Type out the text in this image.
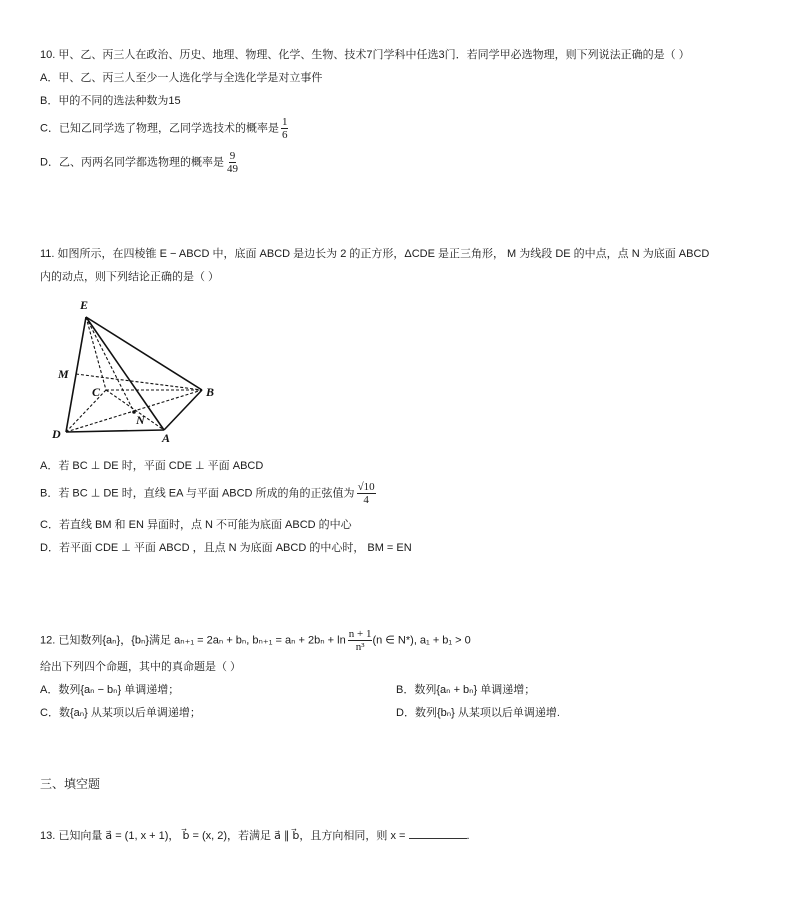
10. 甲、乙、丙三人在政治、历史、地理、物理、化学、生物、技术7门学科中任选3门．若同学甲必选物理，则下列说法正确的是（ ）
A．甲、乙、丙三人至少一人选化学与全选化学是对立事件
B．甲的不同的选法种数为15
C．已知乙同学选了物理，乙同学选技术的概率是 $\frac{1}{6}$
D．乙、丙两名同学都选物理的概率是 $\frac{9}{49}$
11. 如图所示，在四棱锥 E − ABCD 中，底面 ABCD 是边长为 2 的正方形，ΔCDE 是正三角形， M 为线段 DE 的中点，点 N 为底面 ABCD
内的动点，则下列结论正确的是（ ）
E
M
C	B
N
D	A
A．若 BC ⊥ DE 时，平面 CDE ⊥ 平面 ABCD
B．若 BC ⊥ DE 时，直线 EA 与平面 ABCD 所成的角的正弦值为 $\frac{√10}{4}$
C．若直线 BM 和 EN 异面时，点 N 不可能为底面 ABCD 的中心
D．若平面 CDE ⊥ 平面 ABCD ，且点 N 为底面 ABCD 的中心时， BM = EN
12. 已知数列{aₙ}，{bₙ}满足 aₙ₊₁ = 2aₙ + bₙ, $b_{n+1} = a_n + 2b_n + \ln \frac{n + 1}{\text{n³}} (n$ ∈ N*), a₁ + b₁ > 0
给出下列四个命题，其中的真命题是（ ）
A．数列{aₙ − bₙ} 单调递增；	B．数列{aₙ + bₙ} 单调递增；
C．数{aₙ} 从某项以后单调递增；	D．数列{bₙ} 从某项以后单调递增.
三、填空题
13. 已知向量 a⃗ = (1, x + 1)， b⃗ = (x, 2)，若满足 a⃗ ∥ b⃗，且方向相同，则 x =	.
